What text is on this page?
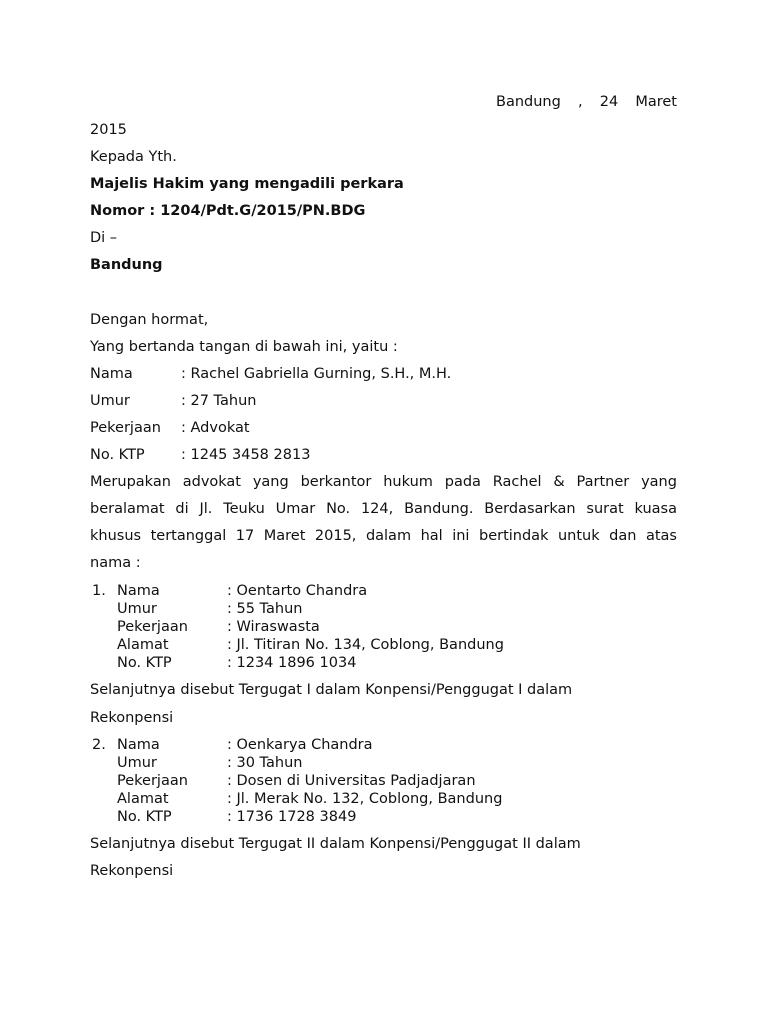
Bandung , 24 Maret
2015
Kepada Yth.
Majelis Hakim yang mengadili perkara
Nomor : 1204/Pdt.G/2015/PN.BDG
Di –
Bandung
Dengan hormat,
Yang bertanda tangan di bawah ini, yaitu :
Nama	: Rachel Gabriella Gurning, S.H., M.H.
Umur	: 27 Tahun
Pekerjaan : Advokat
No. KTP	: 1245 3458 2813
Merupakan advokat yang berkantor hukum pada Rachel & Partner yang
beralamat di Jl. Teuku Umar No. 124, Bandung. Berdasarkan surat kuasa
khusus tertanggal 17 Maret 2015, dalam hal ini bertindak untuk dan atas
nama :
1. Nama	: Oentarto Chandra
Umur	: 55 Tahun
Pekerjaan	: Wiraswasta
Alamat	: Jl. Titiran No. 134, Coblong, Bandung
No. KTP	: 1234 1896 1034
Selanjutnya disebut Tergugat I dalam Konpensi/Penggugat I dalam
Rekonpensi
2. Nama	: Oenkarya Chandra
Umur	: 30 Tahun
Pekerjaan	: Dosen di Universitas Padjadjaran
Alamat	: Jl. Merak No. 132, Coblong, Bandung
No. KTP	: 1736 1728 3849
Selanjutnya disebut Tergugat II dalam Konpensi/Penggugat II dalam
Rekonpensi
